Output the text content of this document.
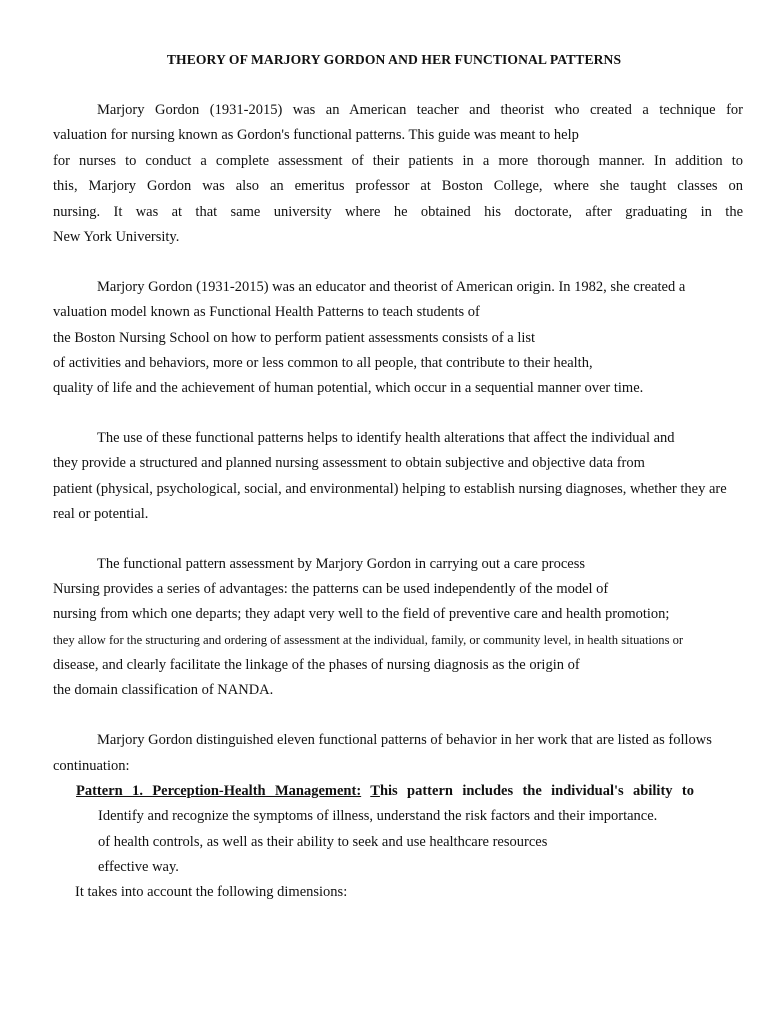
THEORY OF MARJORY GORDON AND HER FUNCTIONAL PATTERNS
Marjory Gordon (1931-2015) was an American teacher and theorist who created a technique for
valuation for nursing known as Gordon's functional patterns. This guide was meant to help
for nurses to conduct a complete assessment of their patients in a more thorough manner. In addition to
this, Marjory Gordon was also an emeritus professor at Boston College, where she taught classes on
nursing. It was at that same university where he obtained his doctorate, after graduating in the
New York University.
Marjory Gordon (1931-2015) was an educator and theorist of American origin. In 1982, she created a
valuation model known as Functional Health Patterns to teach students of
the Boston Nursing School on how to perform patient assessments consists of a list
of activities and behaviors, more or less common to all people, that contribute to their health,
quality of life and the achievement of human potential, which occur in a sequential manner over time.
The use of these functional patterns helps to identify health alterations that affect the individual and
they provide a structured and planned nursing assessment to obtain subjective and objective data from
patient (physical, psychological, social, and environmental) helping to establish nursing diagnoses, whether they are
real or potential.
The functional pattern assessment by Marjory Gordon in carrying out a care process
Nursing provides a series of advantages: the patterns can be used independently of the model of
nursing from which one departs; they adapt very well to the field of preventive care and health promotion;
they allow for the structuring and ordering of assessment at the individual, family, or community level, in health situations or
disease, and clearly facilitate the linkage of the phases of nursing diagnosis as the origin of
the domain classification of NANDA.
Marjory Gordon distinguished eleven functional patterns of behavior in her work that are listed as follows
continuation:
Pattern 1. Perception-Health Management: This pattern includes the individual's ability to
Identify and recognize the symptoms of illness, understand the risk factors and their importance.
of health controls, as well as their ability to seek and use healthcare resources
effective way.
It takes into account the following dimensions:
